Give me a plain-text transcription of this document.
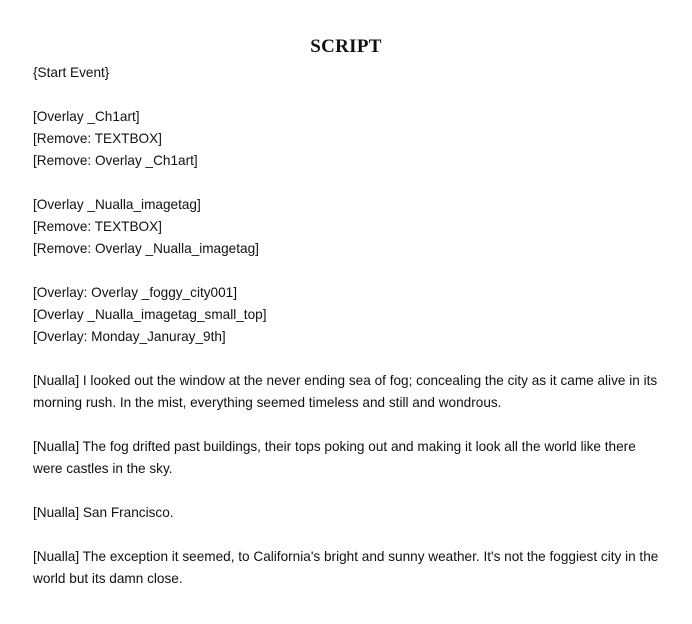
SCRIPT
{Start Event}
[Overlay _Ch1art]
[Remove: TEXTBOX]
[Remove: Overlay _Ch1art]
[Overlay _Nualla_imagetag]
[Remove: TEXTBOX]
[Remove: Overlay _Nualla_imagetag]
[Overlay: Overlay _foggy_city001]
[Overlay _Nualla_imagetag_small_top]
[Overlay: Monday_Januray_9th]
[Nualla] I looked out the window at the never ending sea of fog; concealing the city as it came alive in its morning rush. In the mist, everything seemed timeless and still and wondrous.
[Nualla] The fog drifted past buildings, their tops poking out and making it look all the world like there were castles in the sky.
[Nualla] San Francisco.
[Nualla] The exception it seemed, to California's bright and sunny weather. It's not the foggiest city in the world but its damn close.
